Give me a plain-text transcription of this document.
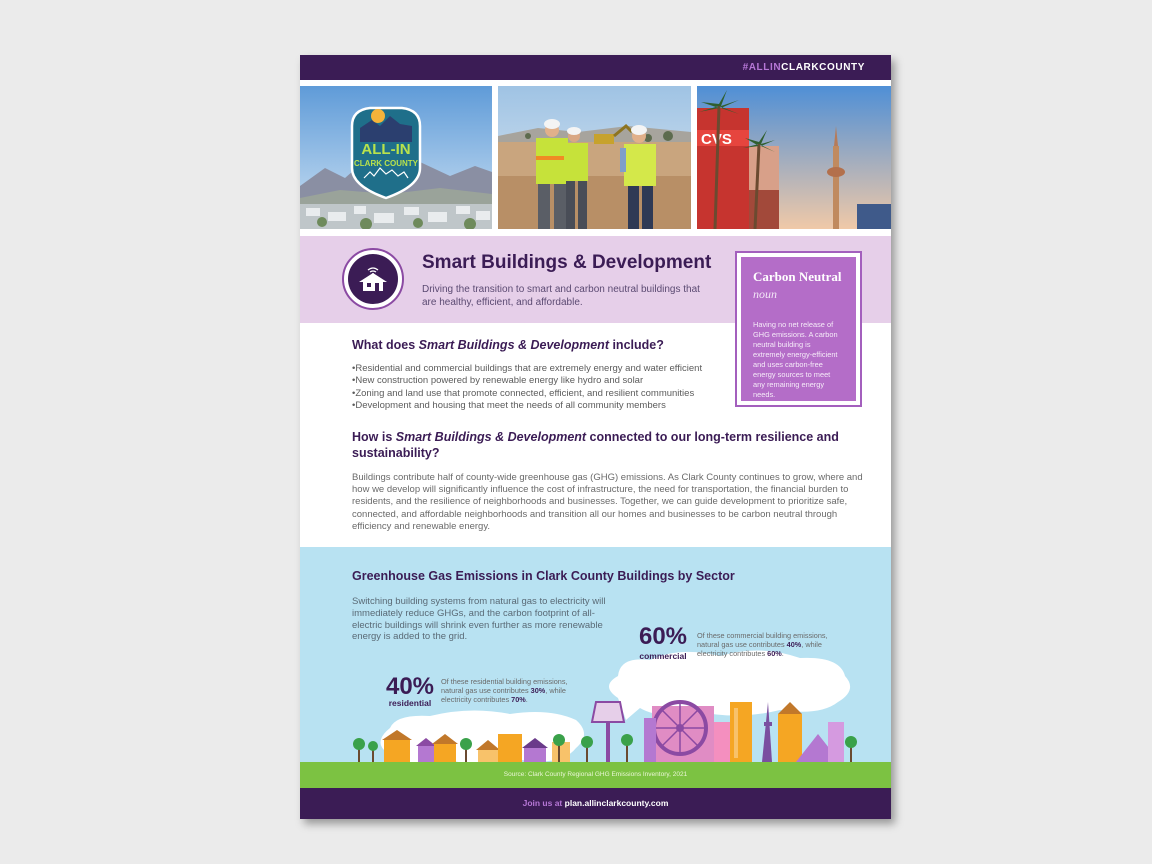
#ALLINCLARKCOUNTY
ALL-IN
CLARK COUNTY
CVS
Smart Buildings & Development
Driving the transition to smart and carbon neutral buildings that are healthy, efficient, and affordable.
Carbon Neutral
noun
Having no net release of GHG emissions. A carbon neutral building is extremely energy-efficient and uses carbon-free energy sources to meet any remaining energy needs.
What does Smart Buildings & Development include?
• Residential and commercial buildings that are extremely energy and water efficient
• New construction powered by renewable energy like hydro and solar
• Zoning and land use that promote connected, efficient, and resilient communities
• Development and housing that meet the needs of all community members
How is Smart Buildings & Development connected to our long-term resilience and sustainability?
Buildings contribute half of county-wide greenhouse gas (GHG) emissions. As Clark County continues to grow, where and how we develop will significantly influence the cost of infrastructure, the need for transportation, the financial burden to residents, and the resilience of neighborhoods and businesses. Together, we can guide development to prioritize safe, connected, and affordable neighborhoods and transition all our homes and businesses to be carbon neutral through efficiency and renewable energy.
Greenhouse Gas Emissions in Clark County Buildings by Sector
Switching building systems from natural gas to electricity will immediately reduce GHGs, and the carbon footprint of all-electric buildings will shrink even further as more renewable energy is added to the grid.	60%
commercial
Of these commercial building emissions, natural gas use contributes 40%, while electricity contributes 60%.
40%
residential
Of these residential building emissions, natural gas use contributes 30%, while electricity contributes 70%.
Source: Clark County Regional GHG Emissions Inventory, 2021
Join us at plan.allinclarkcounty.com
